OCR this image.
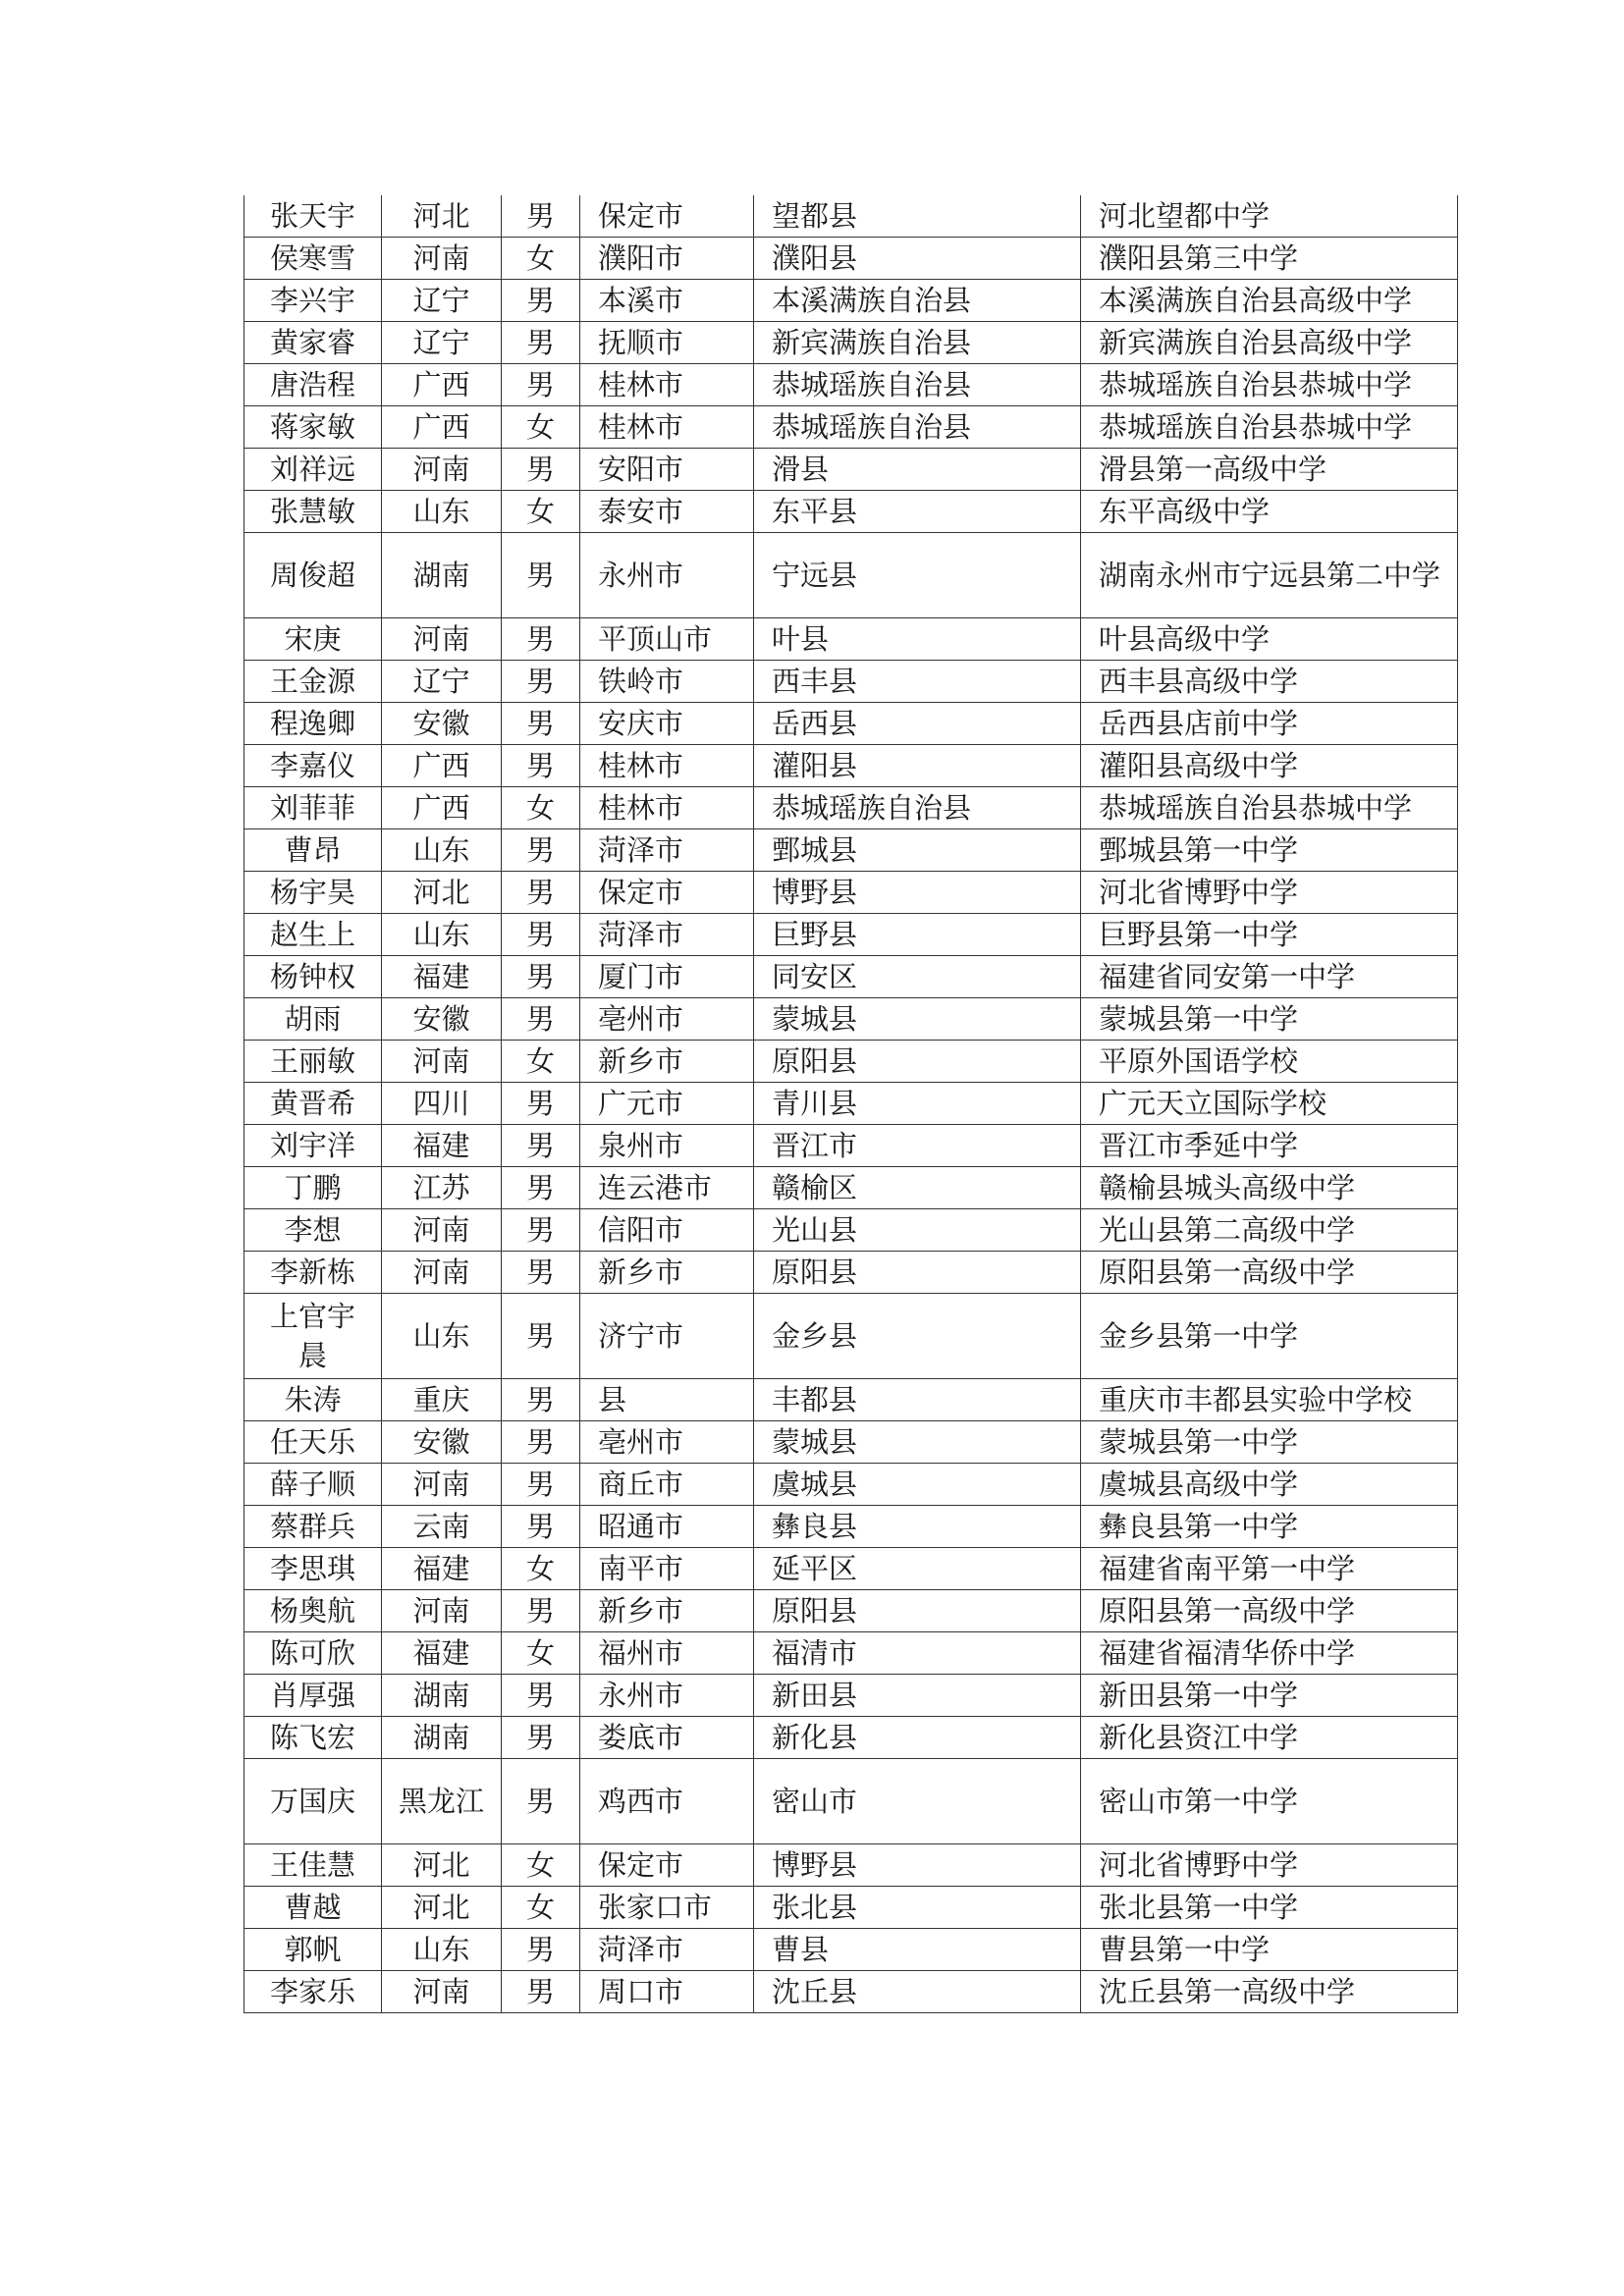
张天宇	河北	男	保定市	望都县	河北望都中学
侯寒雪	河南	女	濮阳市	濮阳县	濮阳县第三中学
李兴宇	辽宁	男	本溪市	本溪满族自治县	本溪满族自治县高级中学
黄家睿	辽宁	男	抚顺市	新宾满族自治县	新宾满族自治县高级中学
唐浩程	广西	男	桂林市	恭城瑶族自治县	恭城瑶族自治县恭城中学
蒋家敏	广西	女	桂林市	恭城瑶族自治县	恭城瑶族自治县恭城中学
刘祥远	河南	男	安阳市	滑县	滑县第一高级中学
张慧敏	山东	女	泰安市	东平县	东平高级中学
周俊超	湖南	男	永州市	宁远县	湖南永州市宁远县第二中学
宋庚	河南	男	平顶山市	叶县	叶县高级中学
王金源	辽宁	男	铁岭市	西丰县	西丰县高级中学
程逸卿	安徽	男	安庆市	岳西县	岳西县店前中学
李嘉仪	广西	男	桂林市	灌阳县	灌阳县高级中学
刘菲菲	广西	女	桂林市	恭城瑶族自治县	恭城瑶族自治县恭城中学
曹昂	山东	男	菏泽市	鄄城县	鄄城县第一中学
杨宇昊	河北	男	保定市	博野县	河北省博野中学
赵生上	山东	男	菏泽市	巨野县	巨野县第一中学
杨钟权	福建	男	厦门市	同安区	福建省同安第一中学
胡雨	安徽	男	亳州市	蒙城县	蒙城县第一中学
王丽敏	河南	女	新乡市	原阳县	平原外国语学校
黄晋希	四川	男	广元市	青川县	广元天立国际学校
刘宇洋	福建	男	泉州市	晋江市	晋江市季延中学
丁鹏	江苏	男	连云港市	赣榆区	赣榆县城头高级中学
李想	河南	男	信阳市	光山县	光山县第二高级中学
李新栋	河南	男	新乡市	原阳县	原阳县第一高级中学
上官宇晨	山东	男	济宁市	金乡县	金乡县第一中学
朱涛	重庆	男	县	丰都县	重庆市丰都县实验中学校
任天乐	安徽	男	亳州市	蒙城县	蒙城县第一中学
薛子顺	河南	男	商丘市	虞城县	虞城县高级中学
蔡群兵	云南	男	昭通市	彝良县	彝良县第一中学
李思琪	福建	女	南平市	延平区	福建省南平第一中学
杨奥航	河南	男	新乡市	原阳县	原阳县第一高级中学
陈可欣	福建	女	福州市	福清市	福建省福清华侨中学
肖厚强	湖南	男	永州市	新田县	新田县第一中学
陈飞宏	湖南	男	娄底市	新化县	新化县资江中学
万国庆	黑龙江	男	鸡西市	密山市	密山市第一中学
王佳慧	河北	女	保定市	博野县	河北省博野中学
曹越	河北	女	张家口市	张北县	张北县第一中学
郭帆	山东	男	菏泽市	曹县	曹县第一中学
李家乐	河南	男	周口市	沈丘县	沈丘县第一高级中学
